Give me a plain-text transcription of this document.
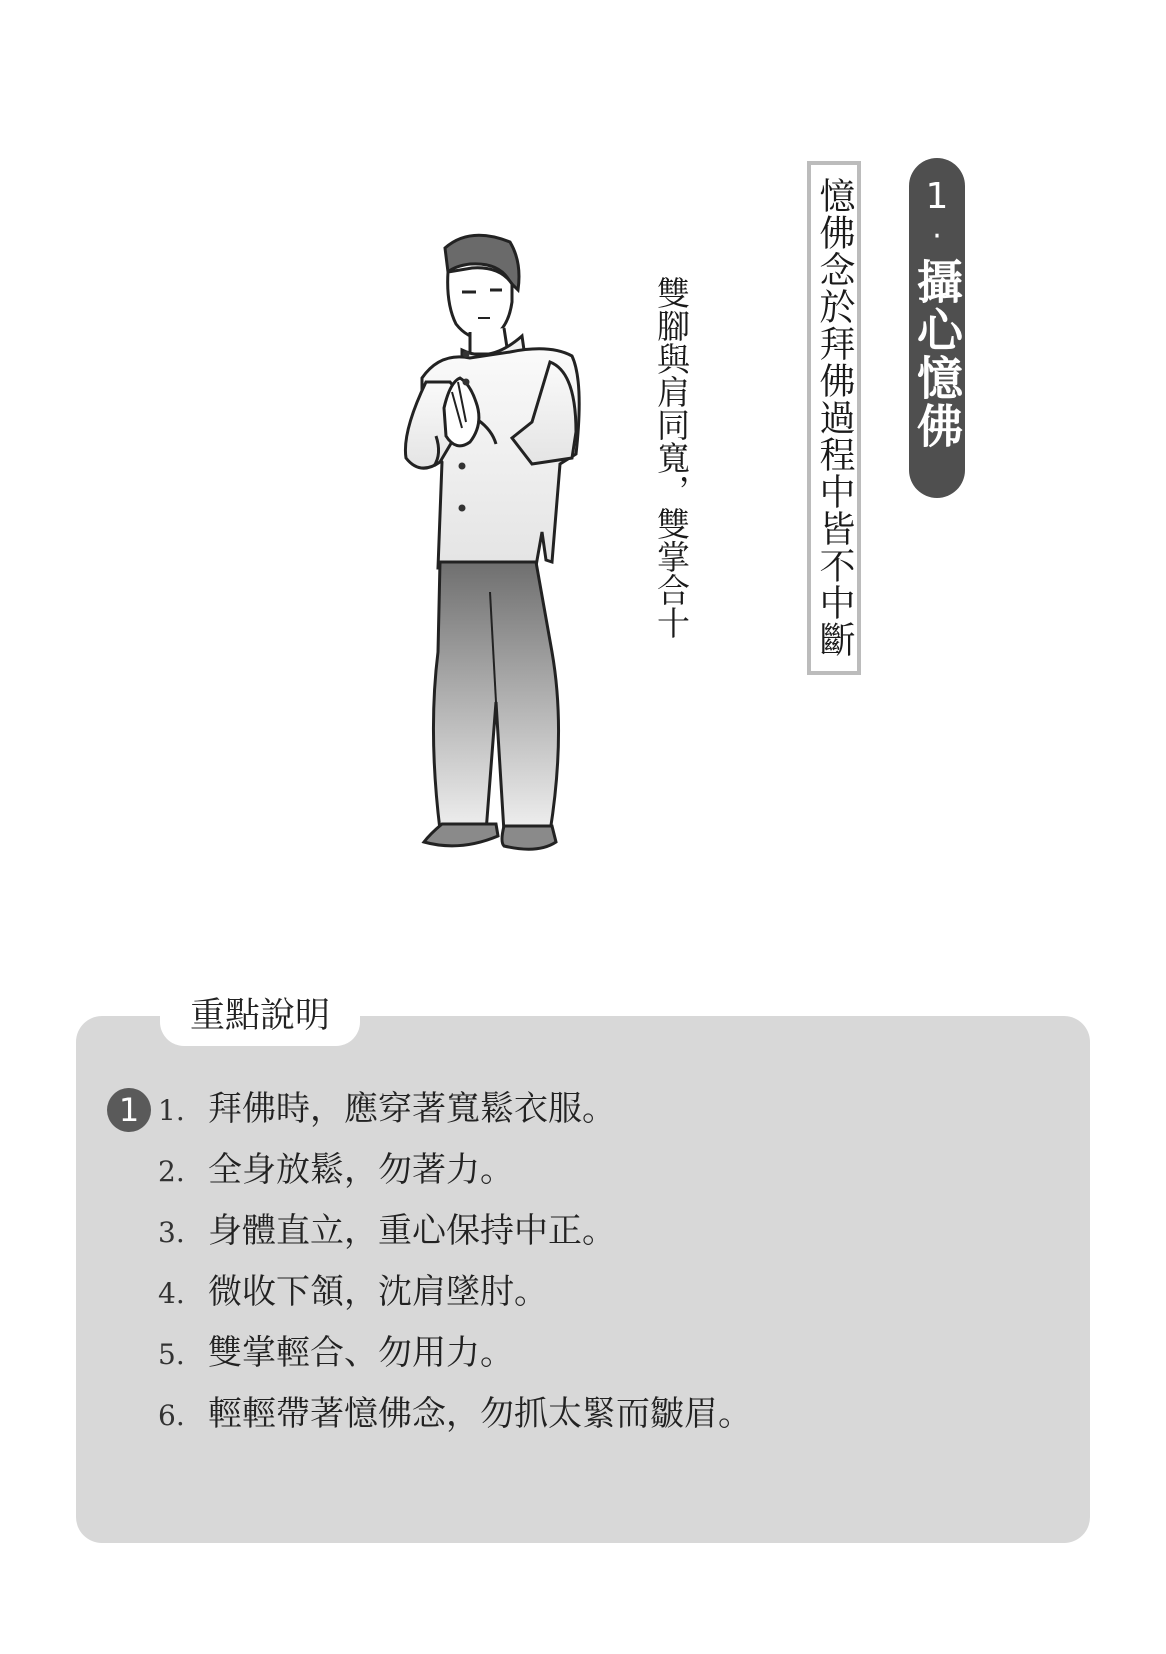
1
·
攝心憶佛
憶佛念於拜佛過程中皆不中斷
雙腳與肩同寬，雙掌合十
重點說明
1 1. 拜佛時，應穿著寬鬆衣服。
2. 全身放鬆，勿著力。
3. 身體直立，重心保持中正。
4. 微收下頷，沈肩墜肘。
5. 雙掌輕合、勿用力。
6. 輕輕帶著憶佛念，勿抓太緊而皺眉。
